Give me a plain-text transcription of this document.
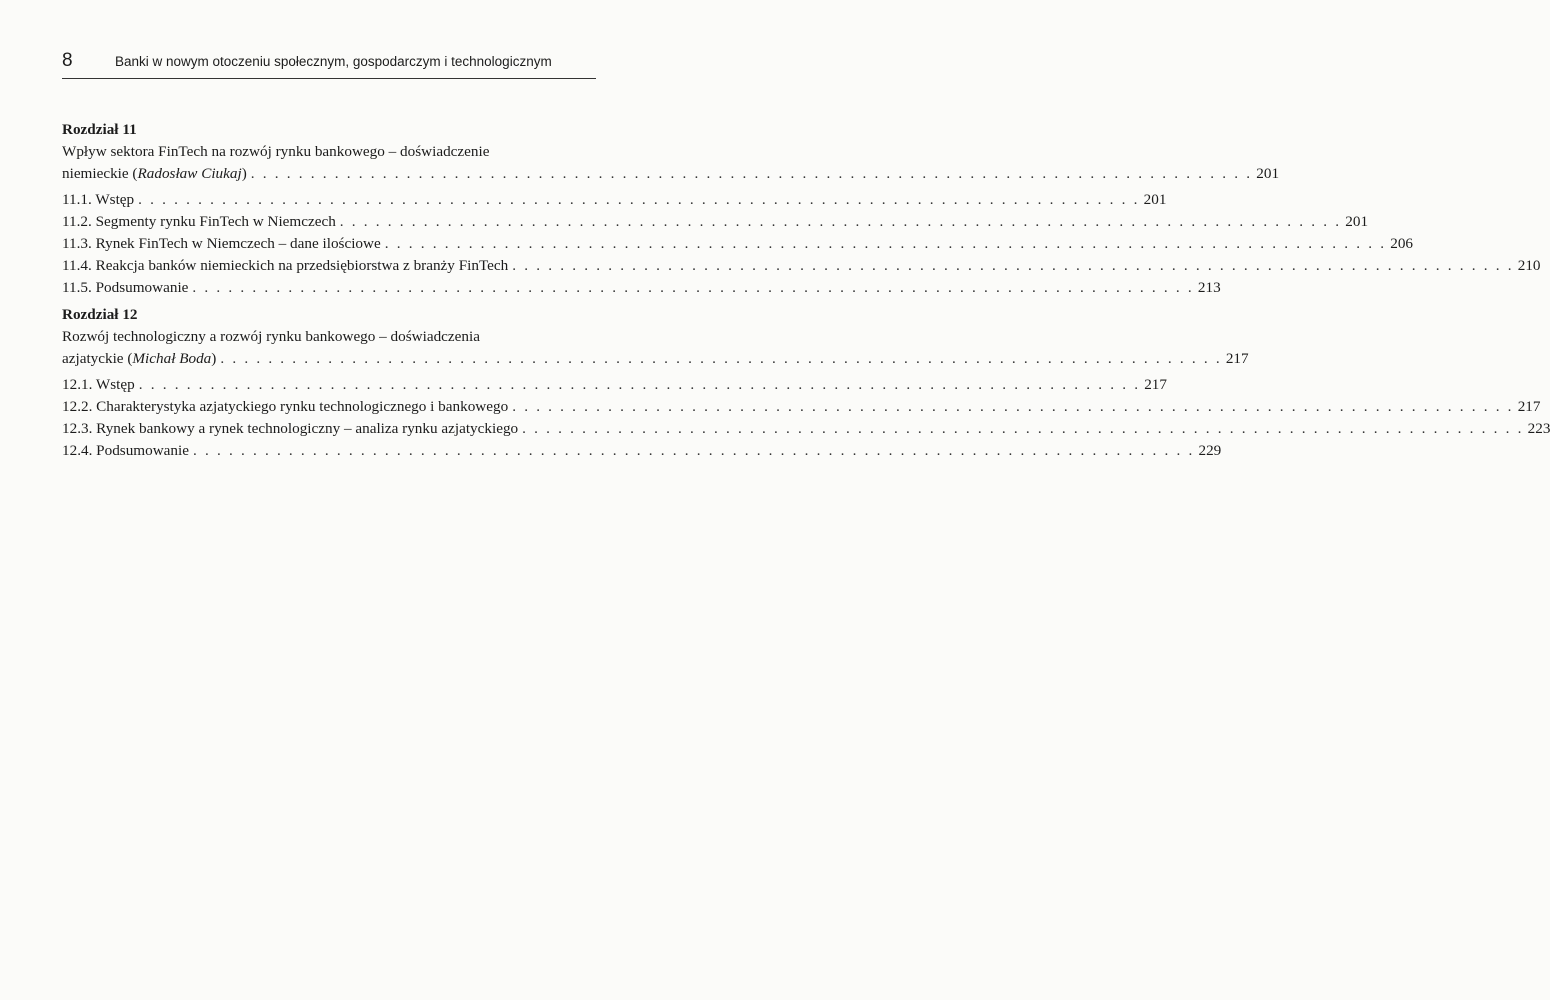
8	Banki w nowym otoczeniu społecznym, gospodarczym i technologicznym
Rozdział 11
Wpływ sektora FinTech na rozwój rynku bankowego – doświadczenie
niemieckie (Radosław Ciukaj) . . . . . . . . . . . . . . . . . . . . . . . . . . . . . . . . . . . . . . . . . . . . . . . . . . . . . . . . . . . . . . . . . . . . . . . . . . . . . . . . . . . . 201
11.1. Wstęp . . . . . . . . . . . . . . . . . . . . . . . . . . . . . . . . . . . . . . . . . . . . . . . . . . . . . . . . . . . . . . . . . . . . . . . . . . . . . . . . . . . . 201
11.2. Segmenty rynku FinTech w Niemczech . . . . . . . . . . . . . . . . . . . . . . . . . . . . . . . . . . . . . . . . . . . . . . . . . . . . . . . . . . . . . . . . . . . . . . . . . . . . . . . . . . . . 201
11.3. Rynek FinTech w Niemczech – dane ilościowe . . . . . . . . . . . . . . . . . . . . . . . . . . . . . . . . . . . . . . . . . . . . . . . . . . . . . . . . . . . . . . . . . . . . . . . . . . . . . . . . . . . . 206
11.4. Reakcja banków niemieckich na przedsiębiorstwa z branży FinTech . . . . . . . . . . . . . . . . . . . . . . . . . . . . . . . . . . . . . . . . . . . . . . . . . . . . . . . . . . . . . . . . . . . . . . . . . . . . . . . . . . . . 210
11.5. Podsumowanie . . . . . . . . . . . . . . . . . . . . . . . . . . . . . . . . . . . . . . . . . . . . . . . . . . . . . . . . . . . . . . . . . . . . . . . . . . . . . . . . . . . . 213
Rozdział 12
Rozwój technologiczny a rozwój rynku bankowego – doświadczenia
azjatyckie (Michał Boda) . . . . . . . . . . . . . . . . . . . . . . . . . . . . . . . . . . . . . . . . . . . . . . . . . . . . . . . . . . . . . . . . . . . . . . . . . . . . . . . . . . . . 217
12.1. Wstęp . . . . . . . . . . . . . . . . . . . . . . . . . . . . . . . . . . . . . . . . . . . . . . . . . . . . . . . . . . . . . . . . . . . . . . . . . . . . . . . . . . . . 217
12.2. Charakterystyka azjatyckiego rynku technologicznego i bankowego . . . . . . . . . . . . . . . . . . . . . . . . . . . . . . . . . . . . . . . . . . . . . . . . . . . . . . . . . . . . . . . . . . . . . . . . . . . . . . . . . . . . 217
12.3. Rynek bankowy a rynek technologiczny – analiza rynku azjatyckiego . . . . . . . . . . . . . . . . . . . . . . . . . . . . . . . . . . . . . . . . . . . . . . . . . . . . . . . . . . . . . . . . . . . . . . . . . . . . . . . . . . . . 223
12.4. Podsumowanie . . . . . . . . . . . . . . . . . . . . . . . . . . . . . . . . . . . . . . . . . . . . . . . . . . . . . . . . . . . . . . . . . . . . . . . . . . . . . . . . . . . . 229
